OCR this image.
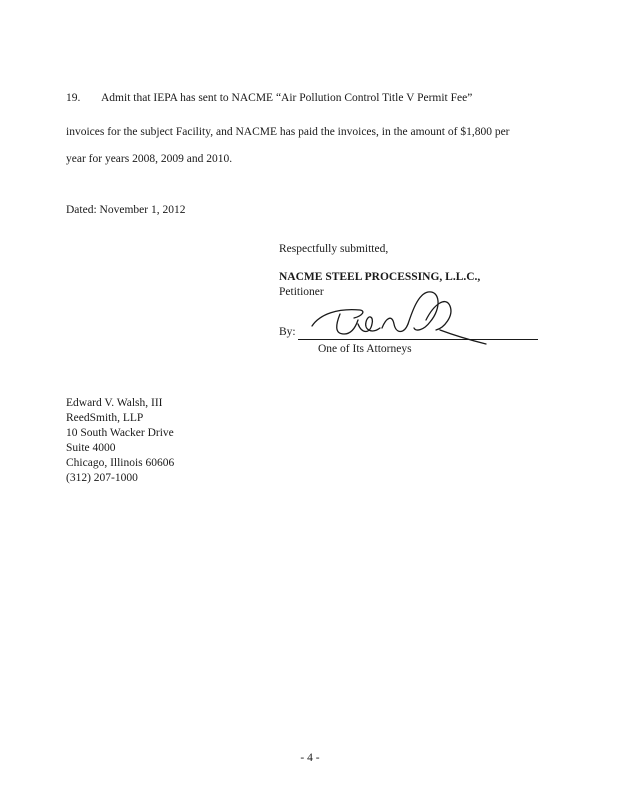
19. Admit that IEPA has sent to NACME “Air Pollution Control Title V Permit Fee”
invoices for the subject Facility, and NACME has paid the invoices, in the amount of $1,800 per
year for years 2008, 2009 and 2010.
Dated: November 1, 2012
Respectfully submitted,
NACME STEEL PROCESSING, L.L.C.,
Petitioner
By:
One of Its Attorneys
Edward V. Walsh, III
ReedSmith, LLP
10 South Wacker Drive
Suite 4000
Chicago, Illinois 60606
(312) 207-1000
- 4 -
